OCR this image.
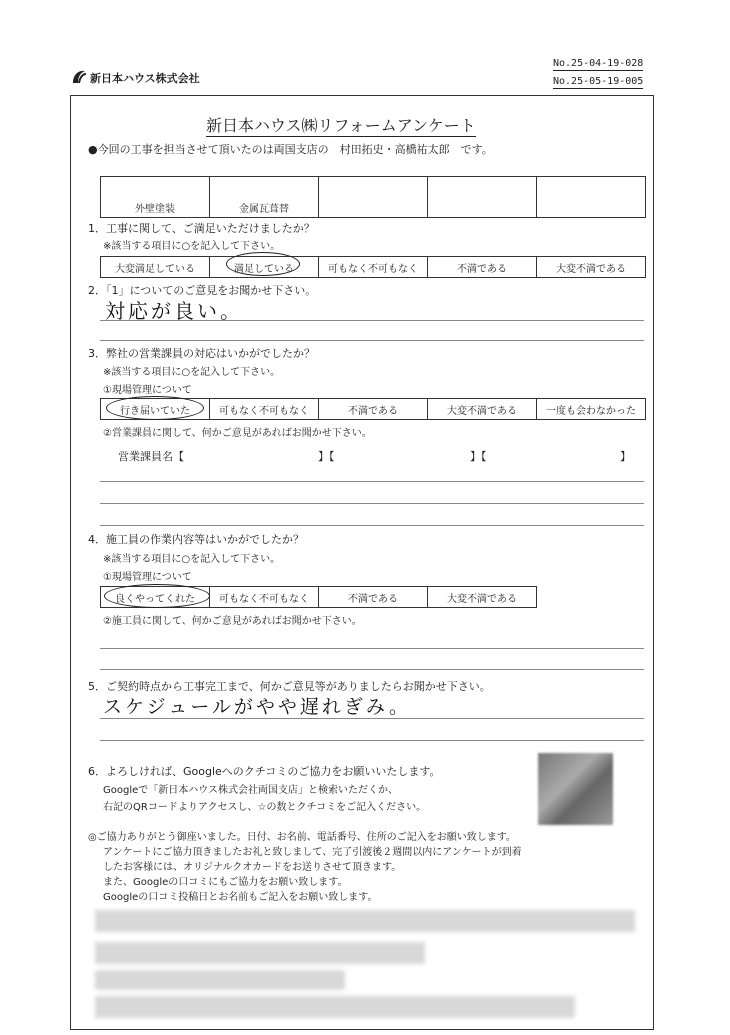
新日本ハウス株式会社
No.25-04-19-028
No.25-05-19-005
新日本ハウス㈱リフォームアンケート
●今回の工事を担当させて頂いたのは両国支店の　村田拓史・高橋祐太郎　です。
外壁塗装	金属瓦葺替
1．工事に関して、ご満足いただけましたか？
※該当する項目に○を記入して下さい。
大変満足している	満足している	可もなく不可もなく	不満である	大変不満である
2．「1」についてのご意見をお聞かせ下さい。
対応が良い。
3．弊社の営業課員の対応はいかがでしたか？
※該当する項目に○を記入して下さい。
①現場管理について
行き届いていた	可もなく不可もなく	不満である	大変不満である	一度も会わなかった
②営業課員に関して、何かご意見があればお聞かせ下さい。
営業課員名【	】【	】【	】
4．施工員の作業内容等はいかがでしたか？
※該当する項目に○を記入して下さい。
①現場管理について
良くやってくれた	可もなく不可もなく	不満である	大変不満である
②施工員に関して、何かご意見があればお聞かせ下さい。
5．ご契約時点から工事完工まで、何かご意見等がありましたらお聞かせ下さい。
スケジュールがやや遅れぎみ。
6．よろしければ、Googleへのクチコミのご協力をお願いいたします。
Googleで「新日本ハウス株式会社両国支店」と検索いただくか、
右記のQRコードよりアクセスし、☆の数とクチコミをご記入ください。
◎ご協力ありがとう御座いました。日付、お名前、電話番号、住所のご記入をお願い致します。
アンケートにご協力頂きましたお礼と致しまして、完了引渡後２週間以内にアンケートが到着
したお客様には、オリジナルクオカードをお送りさせて頂きます。
また、Googleの口コミにもご協力をお願い致します。
Googleの口コミ投稿日とお名前もご記入をお願い致します。
